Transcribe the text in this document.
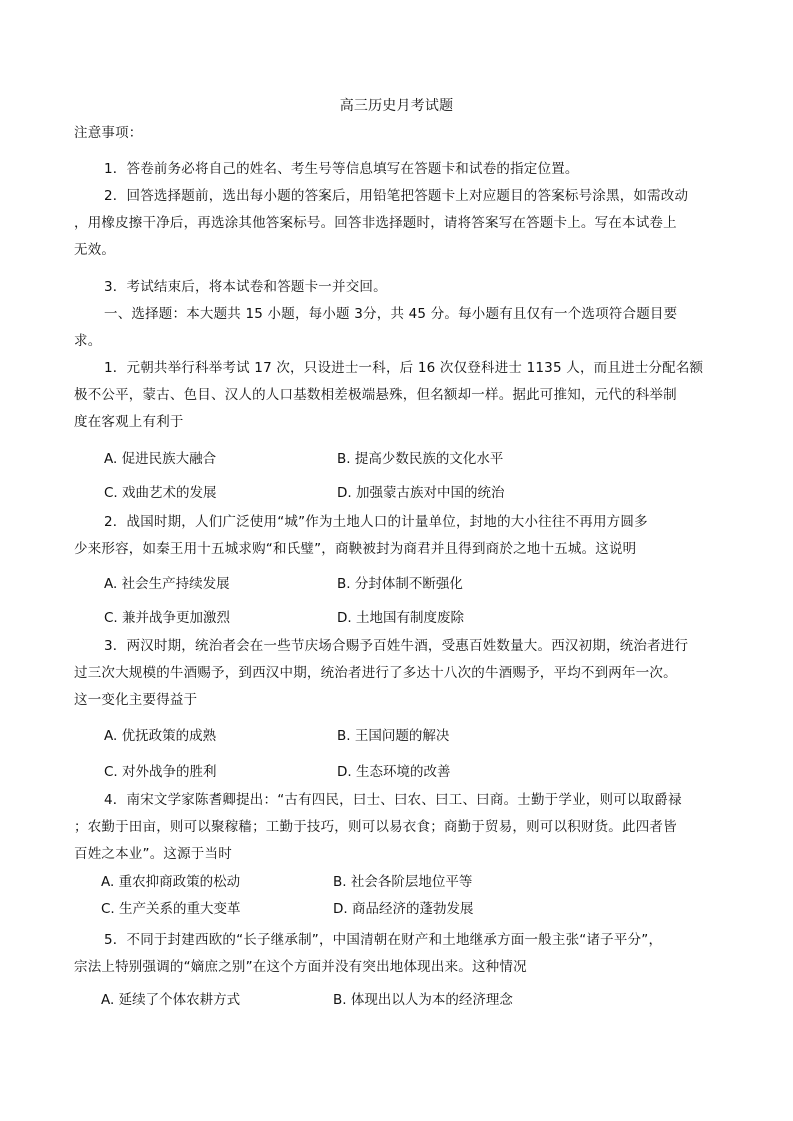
高三历史月考试题
注意事项：
1．答卷前务必将自己的姓名、考生号等信息填写在答题卡和试卷的指定位置。
2．回答选择题前，选出每小题的答案后，用铅笔把答题卡上对应题目的答案标号涂黑，如需改动
，用橡皮擦干净后，再选涂其他答案标号。回答非选择题时，请将答案写在答题卡上。写在本试卷上
无效。
3．考试结束后，将本试卷和答题卡一并交回。
一、选择题：本大题共 15 小题，每小题 3分，共 45 分。每小题有且仅有一个选项符合题目要
求。
1．元朝共举行科举考试 17 次，只设进士一科，后 16 次仅登科进士 1135 人，而且进士分配名额
极不公平，蒙古、色目、汉人的人口基数相差极端悬殊，但名额却一样。据此可推知，元代的科举制
度在客观上有利于
A. 促进民族大融合	B. 提高少数民族的文化水平
C. 戏曲艺术的发展	D. 加强蒙古族对中国的统治
2．战国时期，人们广泛使用“城”作为土地人口的计量单位，封地的大小往往不再用方圆多
少来形容，如秦王用十五城求购“和氏璧”，商鞅被封为商君并且得到商於之地十五城。这说明
A. 社会生产持续发展	B. 分封体制不断强化
C. 兼并战争更加激烈	D. 土地国有制度废除
3．两汉时期，统治者会在一些节庆场合赐予百姓牛酒，受惠百姓数量大。西汉初期，统治者进行
过三次大规模的牛酒赐予，到西汉中期，统治者进行了多达十八次的牛酒赐予，平均不到两年一次。
这一变化主要得益于
A. 优抚政策的成熟	B. 王国问题的解决
C. 对外战争的胜利	D. 生态环境的改善
4．南宋文学家陈耆卿提出：“古有四民，曰士、曰农、曰工、曰商。士勤于学业，则可以取爵禄
；农勤于田亩，则可以聚稼穑；工勤于技巧，则可以易衣食；商勤于贸易，则可以积财货。此四者皆
百姓之本业”。这源于当时
A. 重农抑商政策的松动	B. 社会各阶层地位平等
C. 生产关系的重大变革	D. 商品经济的蓬勃发展
5．不同于封建西欧的“长子继承制”，中国清朝在财产和土地继承方面一般主张“诸子平分”，
宗法上特别强调的“嫡庶之别”在这个方面并没有突出地体现出来。这种情况
A. 延续了个体农耕方式	B. 体现出以人为本的经济理念
